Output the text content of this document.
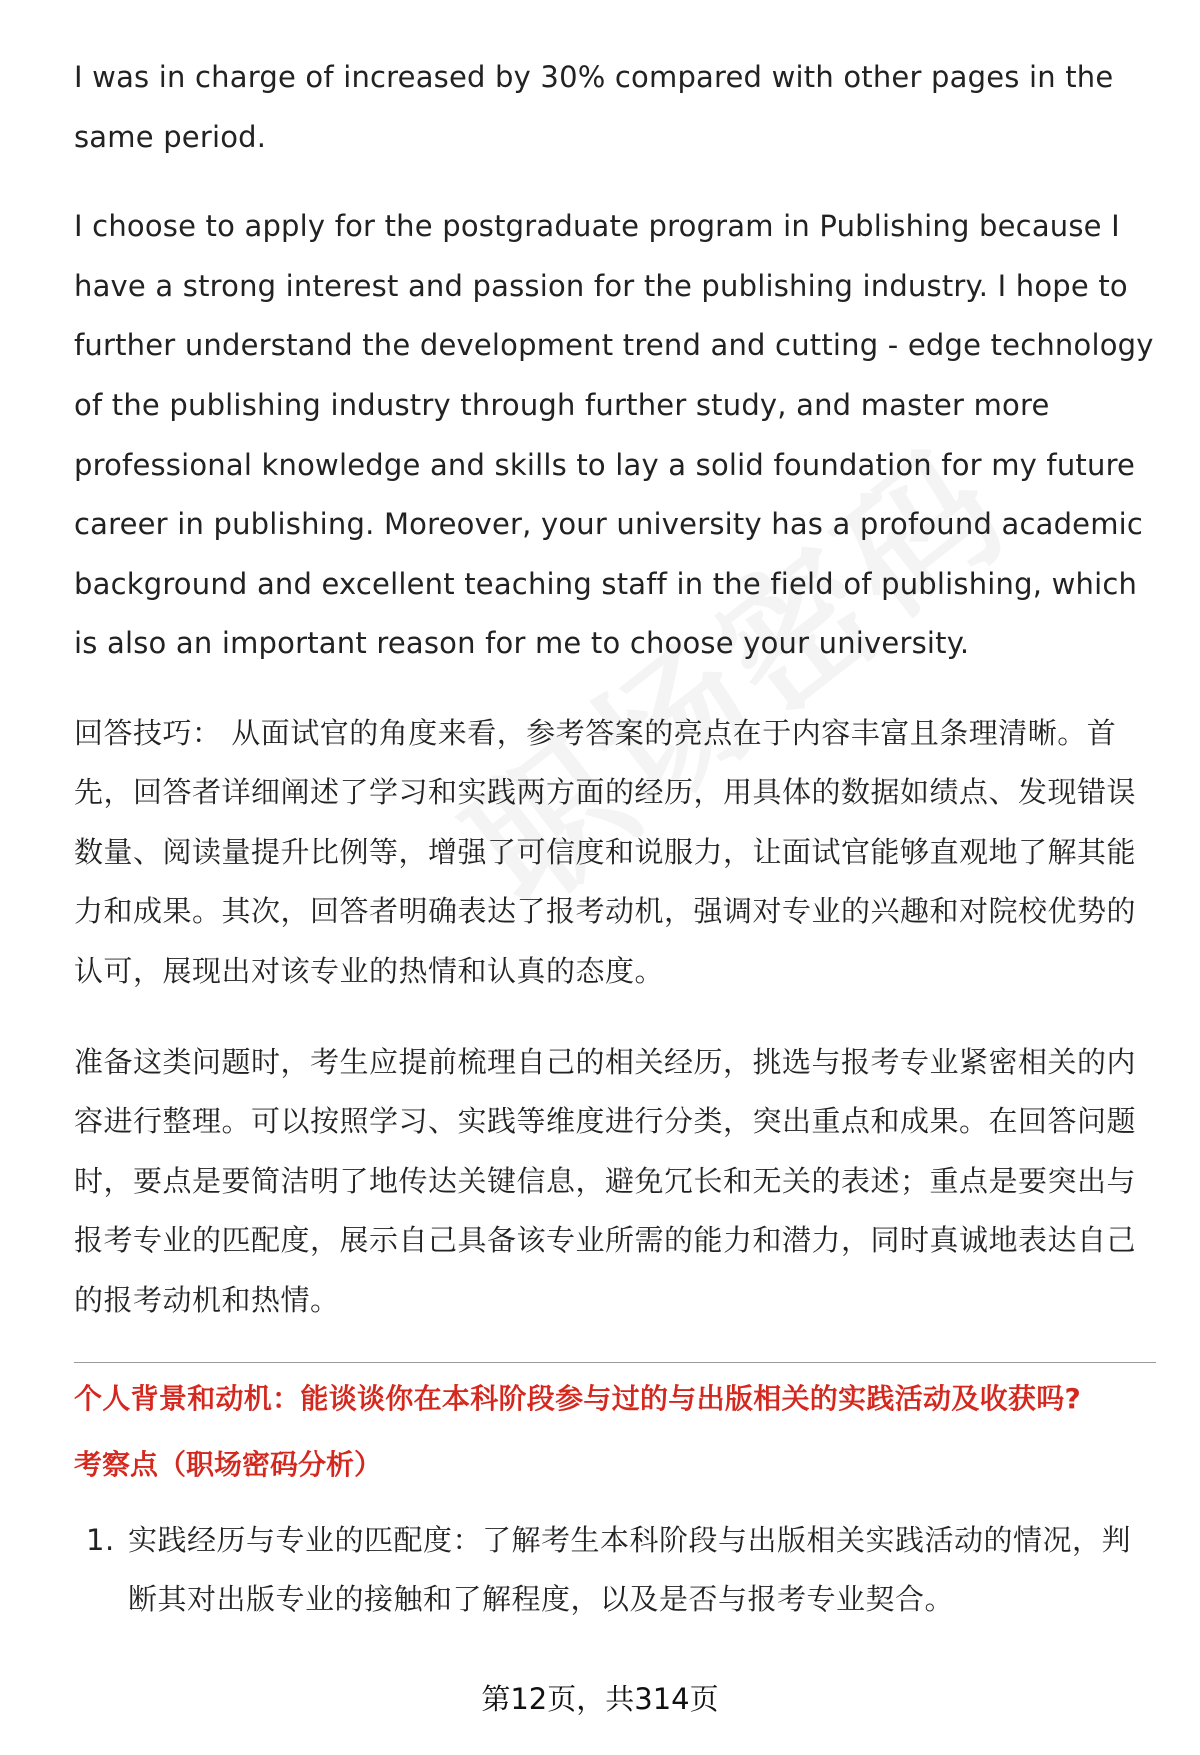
I was in charge of increased by 30% compared with other pages in the same period.

I choose to apply for the postgraduate program in Publishing because I have a strong interest and passion for the publishing industry. I hope to further understand the development trend and cutting - edge technology of the publishing industry through further study, and master more professional knowledge and skills to lay a solid foundation for my future career in publishing. Moreover, your university has a profound academic background and excellent teaching staff in the field of publishing, which is also an important reason for me to choose your university.

回答技巧： 从面试官的角度来看，参考答案的亮点在于内容丰富且条理清晰。首先，回答者详细阐述了学习和实践两方面的经历，用具体的数据如绩点、发现错误数量、阅读量提升比例等，增强了可信度和说服力，让面试官能够直观地了解其能力和成果。其次，回答者明确表达了报考动机，强调对专业的兴趣和对院校优势的认可，展现出对该专业的热情和认真的态度。

准备这类问题时，考生应提前梳理自己的相关经历，挑选与报考专业紧密相关的内容进行整理。可以按照学习、实践等维度进行分类，突出重点和成果。在回答问题时，要点是要简洁明了地传达关键信息，避免冗长和无关的表述；重点是要突出与报考专业的匹配度，展示自己具备该专业所需的能力和潜力，同时真诚地表达自己的报考动机和热情。

个人背景和动机：能谈谈你在本科阶段参与过的与出版相关的实践活动及收获吗?
考察点（职场密码分析）
1. 实践经历与专业的匹配度：了解考生本科阶段与出版相关实践活动的情况，判断其对出版专业的接触和了解程度，以及是否与报考专业契合。
第12页，共314页
